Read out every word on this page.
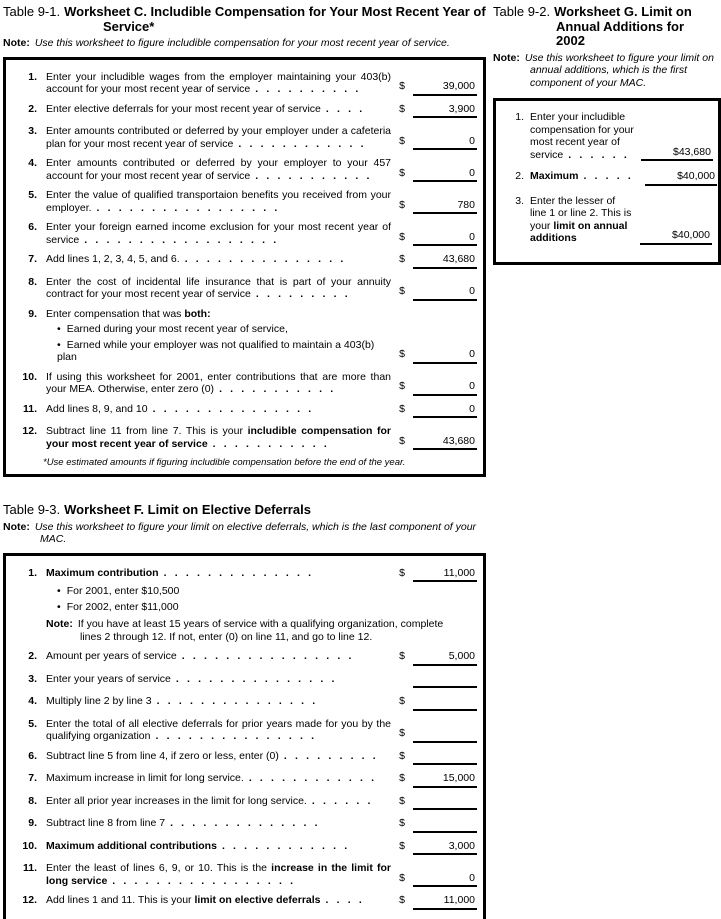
Table 9-1. Worksheet C. Includible Compensation for Your Most Recent Year of Service*
Note: Use this worksheet to figure includible compensation for your most recent year of service.
1. Enter your includible wages from the employer maintaining your 403(b) account for your most recent year of service ..........	$	39,000
2. Enter elective deferrals for your most recent year of service ....	$	3,900
3. Enter amounts contributed or deferred by your employer under a cafeteria plan for your most recent year of service ............	$	0
4. Enter amounts contributed or deferred by your employer to your 457 account for your most recent year of service ...........	$	0
5. Enter the value of qualified transportaion benefits you received from your employer. .................	$	780
6. Enter your foreign earned income exclusion for your most recent year of service ..................	$	0
7. Add lines 1, 2, 3, 4, 5, and 6. ...............	$	43,680
8. Enter the cost of incidental life insurance that is part of your annuity contract for your most recent year of service .........	$	0
9. Enter compensation that was both:
• Earned during your most recent year of service,
• Earned while your employer was not qualified to maintain a 403(b) plan	$	0
10. If using this worksheet for 2001, enter contributions that are more than your MEA. Otherwise, enter zero (0) ...........	$	0
11. Add lines 8, 9, and 10 ...............	$	0
12. Subtract line 11 from line 7. This is your includible compensation for your most recent year of service ...........	$	43,680
*Use estimated amounts if figuring includible compensation before the end of the year.
Table 9-3. Worksheet F. Limit on Elective Deferrals
Note: Use this worksheet to figure your limit on elective deferrals, which is the last component of your MAC.
1. Maximum contribution ..............	$	11,000
• For 2001, enter $10,500
• For 2002, enter $11,000
Note: If you have at least 15 years of service with a qualifying organization, complete lines 2 through 12. If not, enter (0) on line 11, and go to line 12.
2. Amount per years of service ................	$	5,000
3. Enter your years of service ...............

4. Multiply line 2 by line 3 ...............	$

5. Enter the total of all elective deferrals for prior years made for you by the qualifying organization ...............	$

6. Subtract line 5 from line 4, if zero or less, enter (0) .........	$

7. Maximum increase in limit for long service. ............	$	15,000
8. Enter all prior year increases in the limit for long service. ......	$

9. Subtract line 8 from line 7 ..............	$

10. Maximum additional contributions ............	$	3,000
11. Enter the least of lines 6, 9, or 10. This is the increase in the limit for long service .................	$	0
12. Add lines 1 and 11. This is your limit on elective deferrals ....	$	11,000
Table 9-2. Worksheet G. Limit on Annual Additions for 2002
Note: Use this worksheet to figure your limit on annual additions, which is the first component of your MAC.
1. Enter your includible compensation for your most recent year of service ......	$43,680
2. Maximum .....	$40,000
3. Enter the lesser of line 1 or line 2. This is your limit on annual additions	$40,000
